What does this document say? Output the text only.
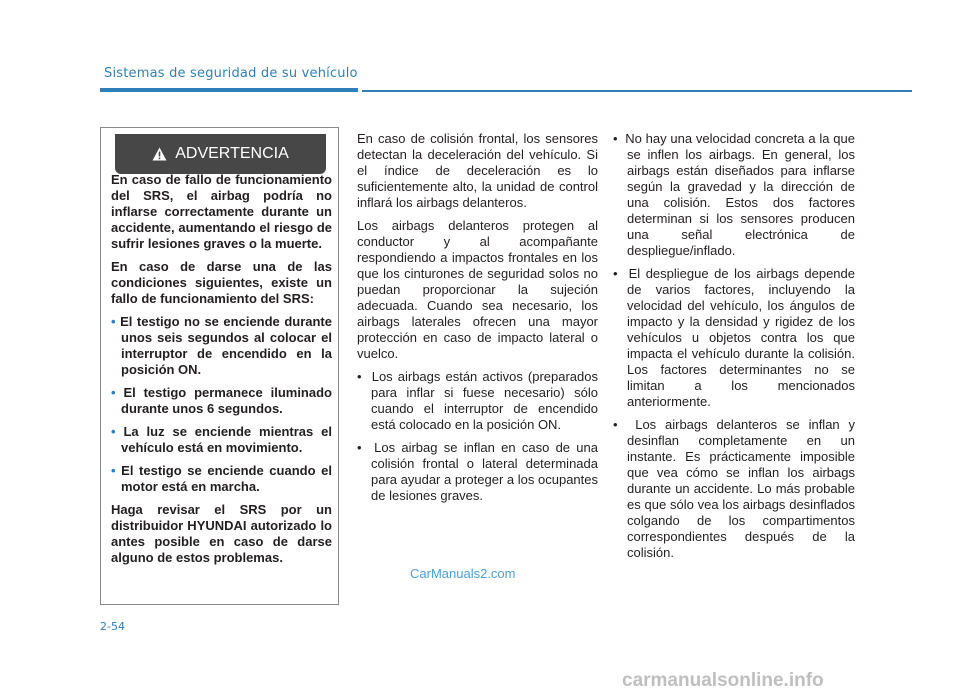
Sistemas de seguridad de su vehículo
ADVERTENCIA

En caso de fallo de funcionamiento del SRS, el airbag podría no inflarse correctamente durante un accidente, aumentando el riesgo de sufrir lesiones graves o la muerte.

En caso de darse una de las condiciones siguientes, existe un fallo de funcionamiento del SRS:

• El testigo no se enciende durante unos seis segundos al colocar el interruptor de encendido en la posición ON.
• El testigo permanece iluminado durante unos 6 segundos.
• La luz se enciende mientras el vehículo está en movimiento.
• El testigo se enciende cuando el motor está en marcha.

Haga revisar el SRS por un distribuidor HYUNDAI autorizado lo antes posible en caso de darse alguno de estos problemas.

En caso de colisión frontal, los sensores detectan la deceleración del vehículo. Si el índice de deceleración es lo suficientemente alto, la unidad de control inflará los airbags delanteros.

Los airbags delanteros protegen al conductor y al acompañante respondiendo a impactos frontales en los que los cinturones de seguridad solos no puedan proporcionar la sujeción adecuada. Cuando sea necesario, los airbags laterales ofrecen una mayor protección en caso de impacto lateral o vuelco.

•  Los airbags están activos (preparados para inflar si fuese necesario) sólo cuando el interruptor de encendido está colocado en la posición ON.
•  Los airbag se inflan en caso de una colisión frontal o lateral determinada para ayudar a proteger a los ocupantes de lesiones graves.
•  No hay una velocidad concreta a la que se inflen los airbags. En general, los airbags están diseñados para inflarse según la gravedad y la dirección de una colisión. Estos dos factores determinan si los sensores producen una señal electrónica de despliegue/inflado.
•  El despliegue de los airbags depende de varios factores, incluyendo la velocidad del vehículo, los ángulos de impacto y la densidad y rigidez de los vehículos u objetos contra los que impacta el vehículo durante la colisión. Los factores determinantes no se limitan a los mencionados anteriormente.
•  Los airbags delanteros se inflan y desinflan completamente en un instante. Es prácticamente imposible que vea cómo se inflan los airbags durante un accidente. Lo más probable es que sólo vea los airbags desinflados colgando de los compartimentos correspondientes después de la colisión.
CarManuals2.com
2-54
carmanualsonline.info
